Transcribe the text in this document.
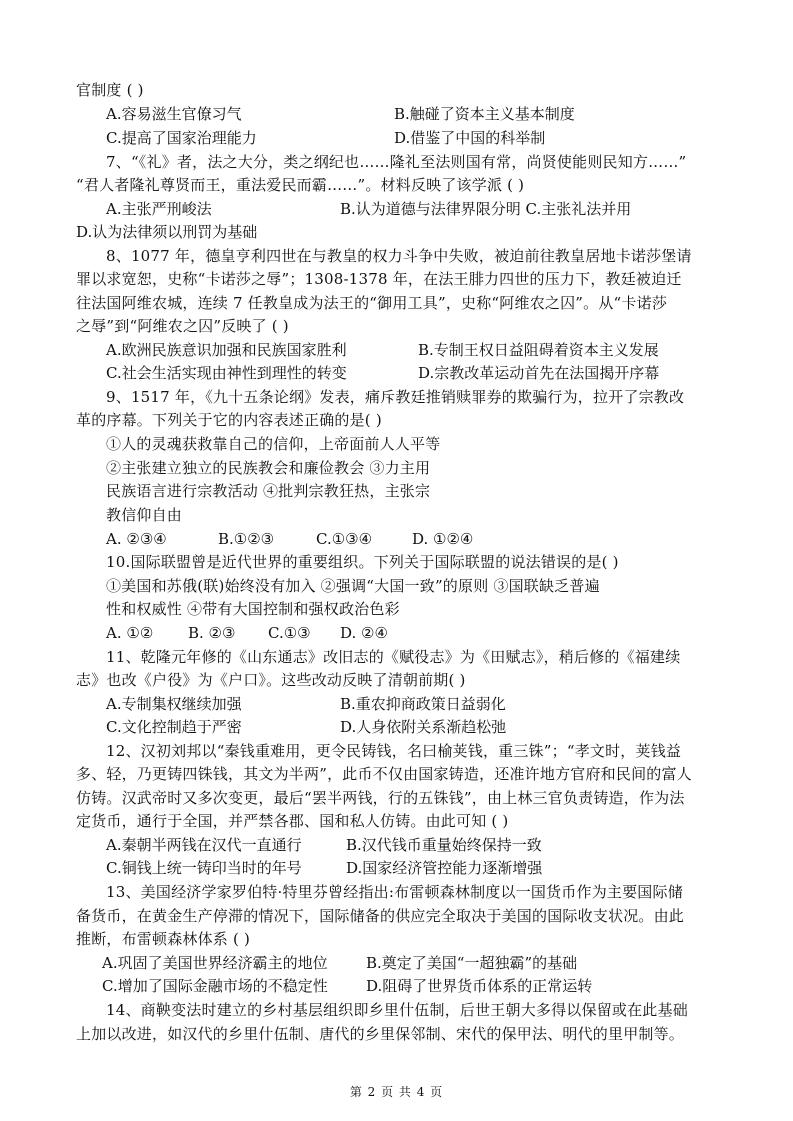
官制度 ( )
A.容易滋生官僚习气	B.触碰了资本主义基本制度
C.提高了国家治理能力	D.借鉴了中国的科举制
7、“《礼》者，法之大分，类之纲纪也……隆礼至法则国有常，尚贤使能则民知方……”
“君人者隆礼尊贤而王，重法爱民而霸……”。材料反映了该学派 ( )
A.主张严刑峻法	B.认为道德与法律界限分明 C.主张礼法并用
D.认为法律须以刑罚为基础
8、1077 年，德皇亨利四世在与教皇的权力斗争中失败，被迫前往教皇居地卡诺莎堡请
罪以求宽恕，史称“卡诺莎之辱”；1308-1378 年，在法王腓力四世的压力下，教廷被迫迁
往法国阿维农城，连续 7 任教皇成为法王的“御用工具”，史称“阿维农之囚”。从“卡诺莎
之辱”到“阿维农之囚”反映了 ( )
A.欧洲民族意识加强和民族国家胜利	B.专制王权日益阻碍着资本主义发展
C.社会生活实现由神性到理性的转变	D.宗教改革运动首先在法国揭开序幕
9、1517 年，《九十五条论纲》发表，痛斥教廷推销赎罪券的欺骗行为，拉开了宗教改
革的序幕。下列关于它的内容表述正确的是( )
①人的灵魂获救靠自己的信仰，上帝面前人人平等
②主张建立独立的民族教会和廉俭教会 ③力主用
民族语言进行宗教活动 ④批判宗教狂热，主张宗
教信仰自由
A. ②③④	B.①②③	C.①③④	D. ①②④
10.国际联盟曾是近代世界的重要组织。下列关于国际联盟的说法错误的是( )
①美国和苏俄(联)始终没有加入 ②强调“大国一致”的原则 ③国联缺乏普遍
性和权威性 ④带有大国控制和强权政治色彩
A. ①② B. ②③ C.①③ D. ②④
11、乾隆元年修的《山东通志》改旧志的《赋役志》为《田赋志》，稍后修的《福建续
志》也改《户役》为《户口》。这些改动反映了清朝前期( )
A.专制集权继续加强	B.重农抑商政策日益弱化
C.文化控制趋于严密	D.人身依附关系渐趋松弛
12、汉初刘邦以“秦钱重难用，更令民铸钱，名曰榆荚钱，重三铢”；“孝文时，荚钱益
多、轻，乃更铸四铢钱，其文为半两”，此币不仅由国家铸造，还准许地方官府和民间的富人
仿铸。汉武帝时又多次变更，最后“罢半两钱，行的五铢钱”，由上林三官负责铸造，作为法
定货币，通行于全国，并严禁各郡、国和私人仿铸。由此可知 ( )
A.秦朝半两钱在汉代一直通行	B.汉代钱币重量始终保持一致
C.铜钱上统一铸印当时的年号	D.国家经济管控能力逐渐增强
13、美国经济学家罗伯特·特里芬曾经指出:布雷顿森林制度以一国货币作为主要国际储
备货币，在黄金生产停滞的情况下，国际储备的供应完全取决于美国的国际收支状况。由此
推断，布雷顿森林体系 ( )
A.巩固了美国世界经济霸主的地位	B.奠定了美国“一超独霸”的基础
C.增加了国际金融市场的不稳定性	D.阻碍了世界货币体系的正常运转
14、商鞅变法时建立的乡村基层组织即乡里什伍制，后世王朝大多得以保留或在此基础
上加以改进，如汉代的乡里什伍制、唐代的乡里保邻制、宋代的保甲法、明代的里甲制等。
第 2 页 共 4 页
